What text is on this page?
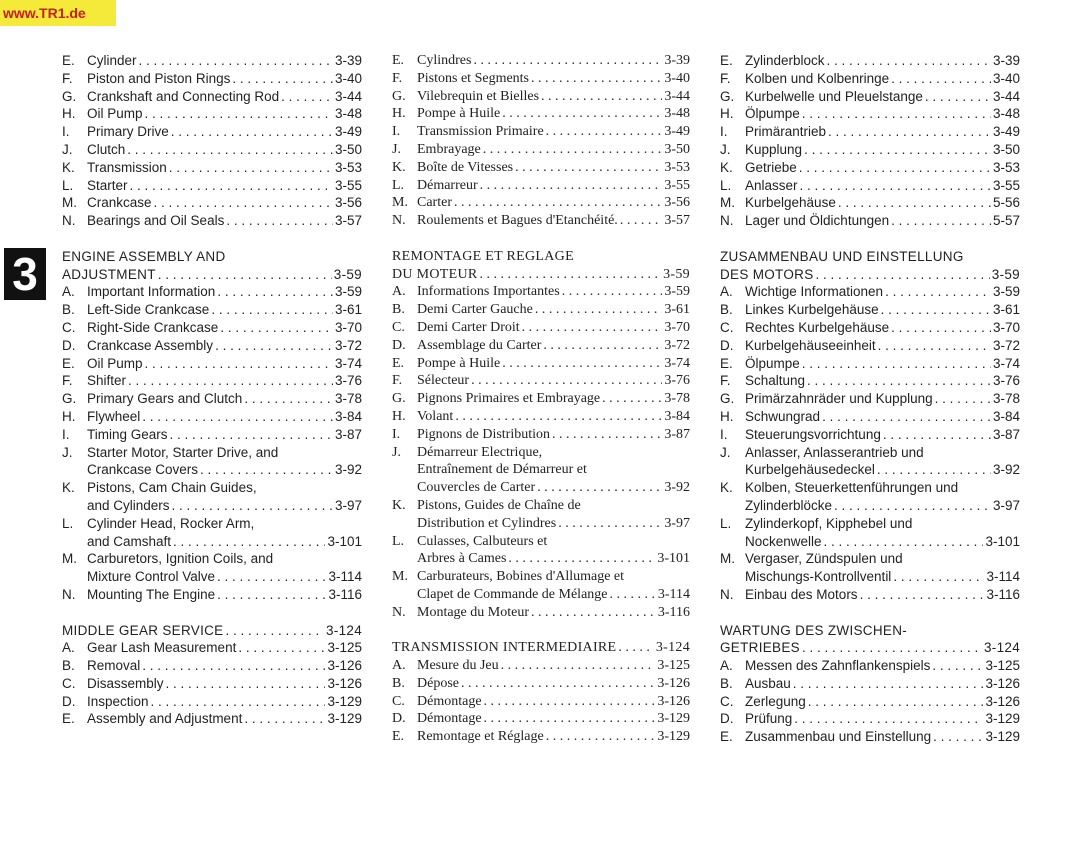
www.TR1.de
3
E. Cylinder . . .	3-39
F.	Piston and Piston Rings . . .	3-40
G. Crankshaft and Connecting Rod . . .	3-44
H. Oil Pump . . .	3-48
I.	Primary Drive . . .	3-49
J.	Clutch . . .	3-50
K. Transmission . . .	3-53
L.	Starter . . .	3-55
M. Crankcase . . .	3-56
N. Bearings and Oil Seals . . .	3-57
ENGINE ASSEMBLY AND
ADJUSTMENT . . .	3-59
A. Important Information . . .	3-59
B. Left-Side Crankcase . . .	3-61
C. Right-Side Crankcase . . .	3-70
D. Crankcase Assembly . . .	3-72
E. Oil Pump . . .	3-74
F.	Shifter . . .	3-76
G. Primary Gears and Clutch . . .	3-78
H. Flywheel . . .	3-84
I.	Timing Gears . . .	3-87
J.	Starter Motor, Starter Drive, and
Crankcase Covers . . .	3-92
K. Pistons, Cam Chain Guides,
and Cylinders . . .	3-97
L.	Cylinder Head, Rocker Arm,
and Camshaft . . .	3-101
M. Carburetors, Ignition Coils, and
Mixture Control Valve . . .	3-114
N. Mounting The Engine . . .	3-116
MIDDLE GEAR SERVICE . . .	3-124
A. Gear Lash Measurement . . .	3-125
B. Removal . . .	3-126
C. Disassembly . . .	3-126
D. Inspection . . .	3-129
E. Assembly and Adjustment . . .	3-129
E. Cylindres . . .	3-39
F.	Pistons et Segments . . .	3-40
G. Vilebrequin et Bielles . . .	3-44
H. Pompe à Huile . . .	3-48
I.	Transmission Primaire . . .	3-49
J.	Embrayage . . .	3-50
K. Boîte de Vitesses . . .	3-53
L. Démarreur . . .	3-55
M. Carter . . .	3-56
N. Roulements et Bagues d'Etanchéité. . . .	3-57
REMONTAGE ET REGLAGE
DU MOTEUR . . .	3-59
A. Informations Importantes . . .	3-59
B. Demi Carter Gauche . . .	3-61
C. Demi Carter Droit . . .	3-70
D. Assemblage du Carter . . .	3-72
E. Pompe à Huile . . .	3-74
F.	Sélecteur . . .	3-76
G. Pignons Primaires et Embrayage . . .	3-78
H. Volant . . .	3-84
I.	Pignons de Distribution . . .	3-87
J.	Démarreur Electrique,
Entraînement de Démarreur et
Couvercles de Carter . . .	3-92
K. Pistons, Guides de Chaîne de
Distribution et Cylindres . . .	3-97
L. Culasses, Calbuteurs et
Arbres à Cames . . .	3-101
M. Carburateurs, Bobines d'Allumage et
Clapet de Commande de Mélange . . .	3-114
N. Montage du Moteur . . .	3-116
TRANSMISSION INTERMEDIAIRE . . .	3-124
A. Mesure du Jeu . . .	3-125
B. Dépose . . .	3-126
C. Démontage . . .	3-126
D. Démontage . . .	3-129
E. Remontage et Réglage . . .	3-129
E. Zylinderblock . . .	3-39
F.	Kolben und Kolbenringe . . .	3-40
G. Kurbelwelle und Pleuelstange . . .	3-44
H. Ölpumpe . . .	3-48
I.	Primärantrieb . . .	3-49
J.	Kupplung . . .	3-50
K. Getriebe . . .	3-53
L.	Anlasser . . .	3-55
M. Kurbelgehäuse . . .	5-56
N. Lager und Öldichtungen . . .	5-57
ZUSAMMENBAU UND EINSTELLUNG
DES MOTORS . . .	3-59
A. Wichtige Informationen . . .	3-59
B. Linkes Kurbelgehäuse . . .	3-61
C. Rechtes Kurbelgehäuse . . .	3-70
D. Kurbelgehäuseeinheit . . .	3-72
E. Ölpumpe . . .	3-74
F.	Schaltung . . .	3-76
G. Primärzahnräder und Kupplung . . .	3-78
H. Schwungrad . . .	3-84
I.	Steuerungsvorrichtung . . .	3-87
J.	Anlasser, Anlasserantrieb und
Kurbelgehäusedeckel . . .	3-92
K. Kolben, Steuerkettenführungen und
Zylinderblöcke . . .	3-97
L.	Zylinderkopf, Kipphebel und
Nockenwelle . . .	3-101
M. Vergaser, Zündspulen und
Mischungs-Kontrollventil . . .	3-114
N. Einbau des Motors . . .	3-116
WARTUNG DES ZWISCHEN-
GETRIEBES . . .	3-124
A. Messen des Zahnflankenspiels . . .	3-125
B. Ausbau . . .	3-126
C. Zerlegung . . .	3-126
D. Prüfung . . .	3-129
E. Zusammenbau und Einstellung . . .	3-129
